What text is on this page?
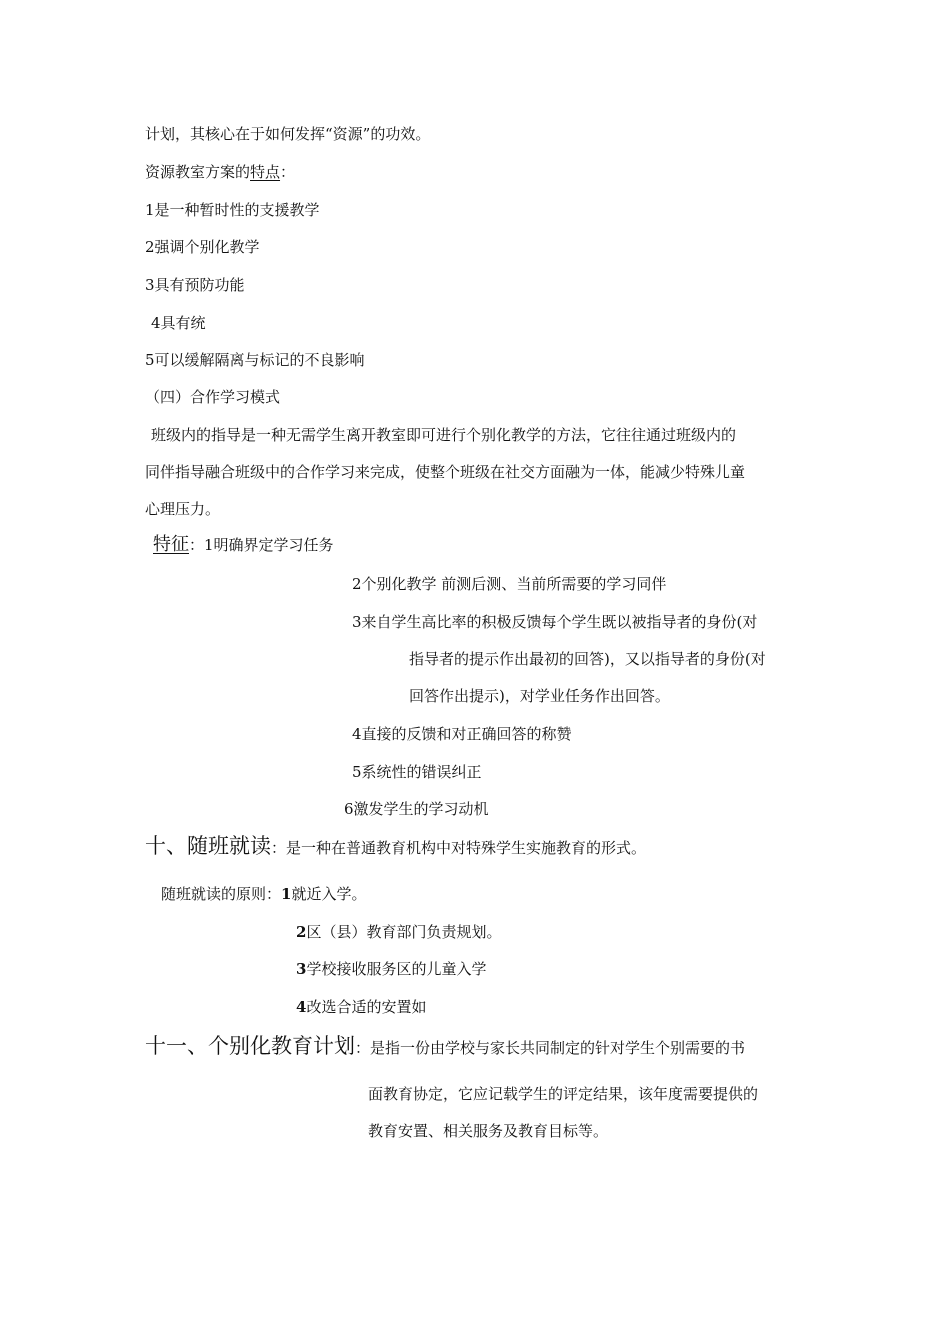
计划，其核心在于如何发挥“资源”的功效。
资源教室方案的特点：
1是一种暂时性的支援教学
2强调个别化教学
3具有预防功能
4具有统
5可以缓解隔离与标记的不良影响
（四）合作学习模式
班级内的指导是一种无需学生离开教室即可进行个别化教学的方法，它往往通过班级内的
同伴指导融合班级中的合作学习来完成，使整个班级在社交方面融为一体，能减少特殊儿童
心理压力。
特征：1明确界定学习任务
2个别化教学 前测后测、当前所需要的学习同伴
3来自学生高比率的积极反馈每个学生既以被指导者的身份(对
指导者的提示作出最初的回答)，又以指导者的身份(对
回答作出提示)，对学业任务作出回答。
4直接的反馈和对正确回答的称赞
5系统性的错误纠正
6激发学生的学习动机
十、随班就读：是一种在普通教育机构中对特殊学生实施教育的形式。
随班就读的原则：1就近入学。
2区（县）教育部门负责规划。
3学校接收服务区的儿童入学
4改选合适的安置如
十一、个别化教育计划：是指一份由学校与家长共同制定的针对学生个别需要的书
面教育协定，它应记载学生的评定结果，该年度需要提供的
教育安置、相关服务及教育目标等。
